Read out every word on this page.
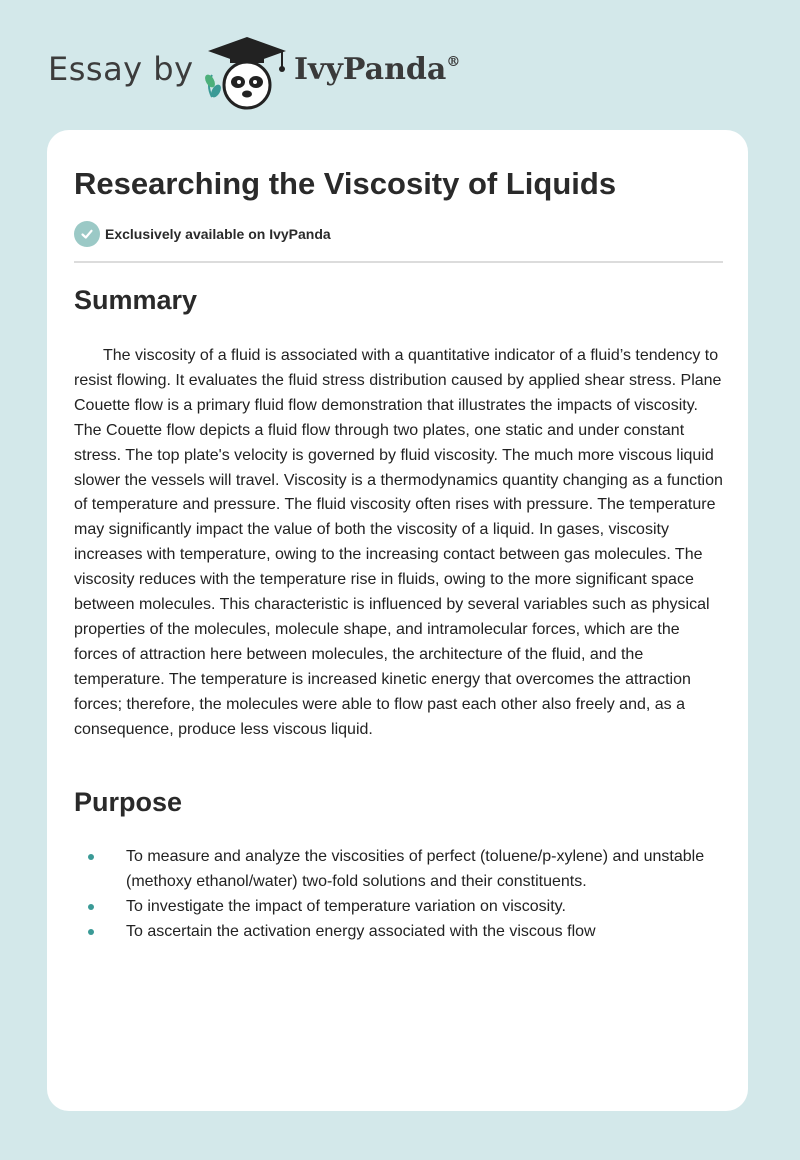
Essay by	IvyPanda®
Researching the Viscosity of Liquids
Exclusively available on IvyPanda
Summary

The viscosity of a fluid is associated with a quantitative indicator of a fluid’s tendency to resist flowing. It evaluates the fluid stress distribution caused by applied shear stress. Plane Couette flow is a primary fluid flow demonstration that illustrates the impacts of viscosity. The Couette flow depicts a fluid flow through two plates, one static and under constant stress. The top plate's velocity is governed by fluid viscosity. The much more viscous liquid slower the vessels will travel. Viscosity is a thermodynamics quantity changing as a function of temperature and pressure. The fluid viscosity often rises with pressure. The temperature may significantly impact the value of both the viscosity of a liquid. In gases, viscosity increases with temperature, owing to the increasing contact between gas molecules. The viscosity reduces with the temperature rise in fluids, owing to the more significant space between molecules. This characteristic is influenced by several variables such as physical properties of the molecules, molecule shape, and intramolecular forces, which are the forces of attraction here between molecules, the architecture of the fluid, and the temperature. The temperature is increased kinetic energy that overcomes the attraction forces; therefore, the molecules were able to flow past each other also freely and, as a consequence, produce less viscous liquid.

Purpose
To measure and analyze the viscosities of perfect (toluene/p-xylene) and unstable (methoxy ethanol/water) two-fold solutions and their constituents.
To investigate the impact of temperature variation on viscosity.
To ascertain the activation energy associated with the viscous flow
